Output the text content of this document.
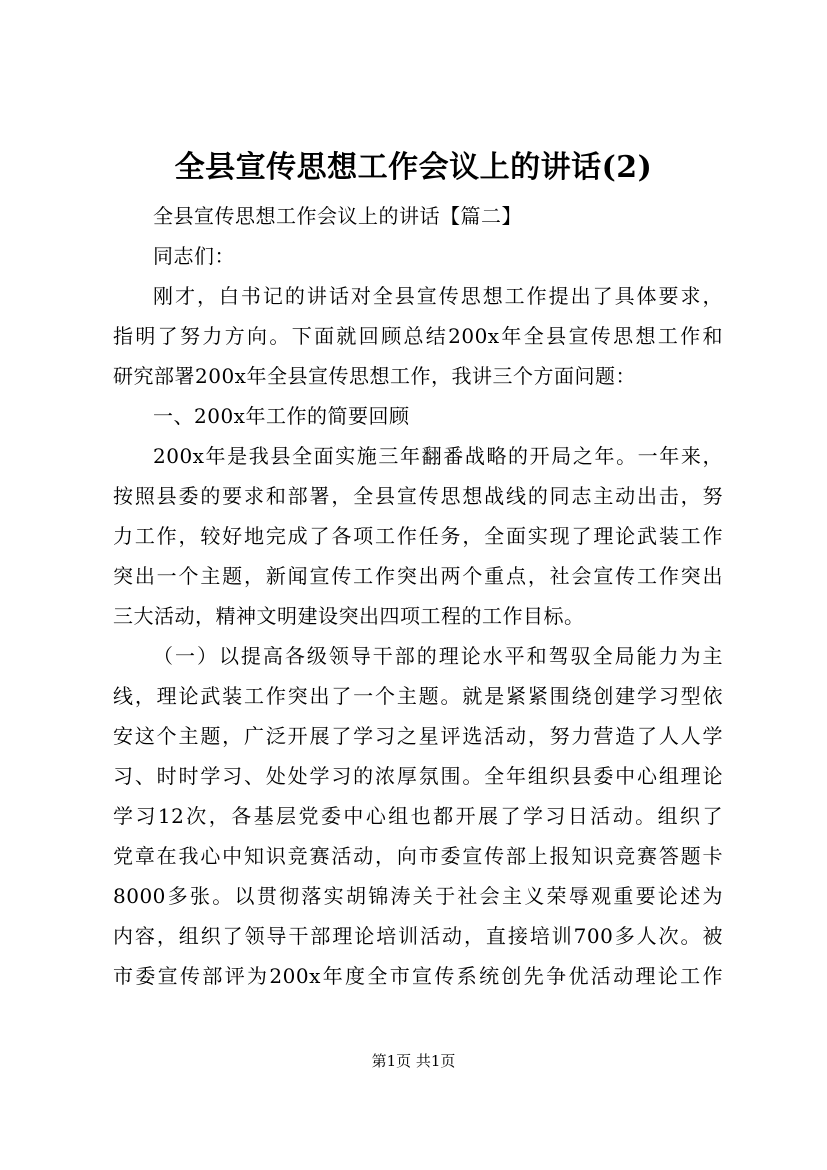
全县宣传思想工作会议上的讲话(2)

全县宣传思想工作会议上的讲话【篇二】
同志们：
刚才，白书记的讲话对全县宣传思想工作提出了具体要求，
指明了努力方向。下面就回顾总结200x年全县宣传思想工作和
研究部署200x年全县宣传思想工作，我讲三个方面问题：
一、200x年工作的简要回顾
200x年是我县全面实施三年翻番战略的开局之年。一年来，
按照县委的要求和部署，全县宣传思想战线的同志主动出击，努
力工作，较好地完成了各项工作任务，全面实现了理论武装工作
突出一个主题，新闻宣传工作突出两个重点，社会宣传工作突出
三大活动，精神文明建设突出四项工程的工作目标。
（一）以提高各级领导干部的理论水平和驾驭全局能力为主
线，理论武装工作突出了一个主题。就是紧紧围绕创建学习型依
安这个主题，广泛开展了学习之星评选活动，努力营造了人人学
习、时时学习、处处学习的浓厚氛围。全年组织县委中心组理论
学习12次，各基层党委中心组也都开展了学习日活动。组织了
党章在我心中知识竞赛活动，向市委宣传部上报知识竞赛答题卡
8000多张。以贯彻落实胡锦涛关于社会主义荣辱观重要论述为
内容，组织了领导干部理论培训活动，直接培训700多人次。被
市委宣传部评为200x年度全市宣传系统创先争优活动理论工作

第1页 共1页
